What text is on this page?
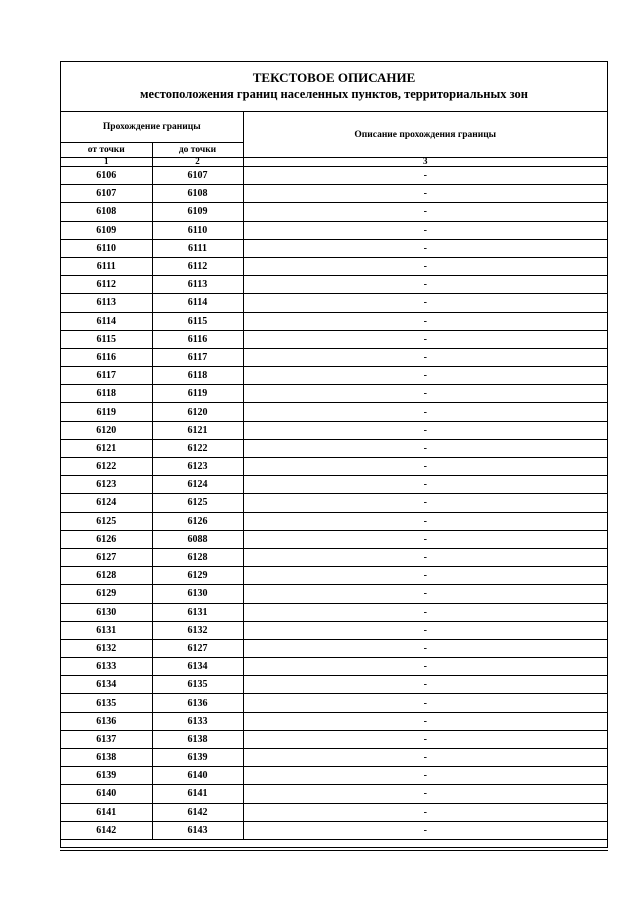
ТЕКСТОВОЕ ОПИСАНИЕ
местоположения границ населенных пунктов, территориальных зон
Прохождение границы		Описание прохождения границы
от точки	до точки	
1	2	3
6106	6107	-
6107	6108	-
6108	6109	-
6109	6110	-
6110	6111	-
6111	6112	-
6112	6113	-
6113	6114	-
6114	6115	-
6115	6116	-
6116	6117	-
6117	6118	-
6118	6119	-
6119	6120	-
6120	6121	-
6121	6122	-
6122	6123	-
6123	6124	-
6124	6125	-
6125	6126	-
6126	6088	-
6127	6128	-
6128	6129	-
6129	6130	-
6130	6131	-
6131	6132	-
6132	6127	-
6133	6134	-
6134	6135	-
6135	6136	-
6136	6133	-
6137	6138	-
6138	6139	-
6139	6140	-
6140	6141	-
6141	6142	-
6142	6143	-
